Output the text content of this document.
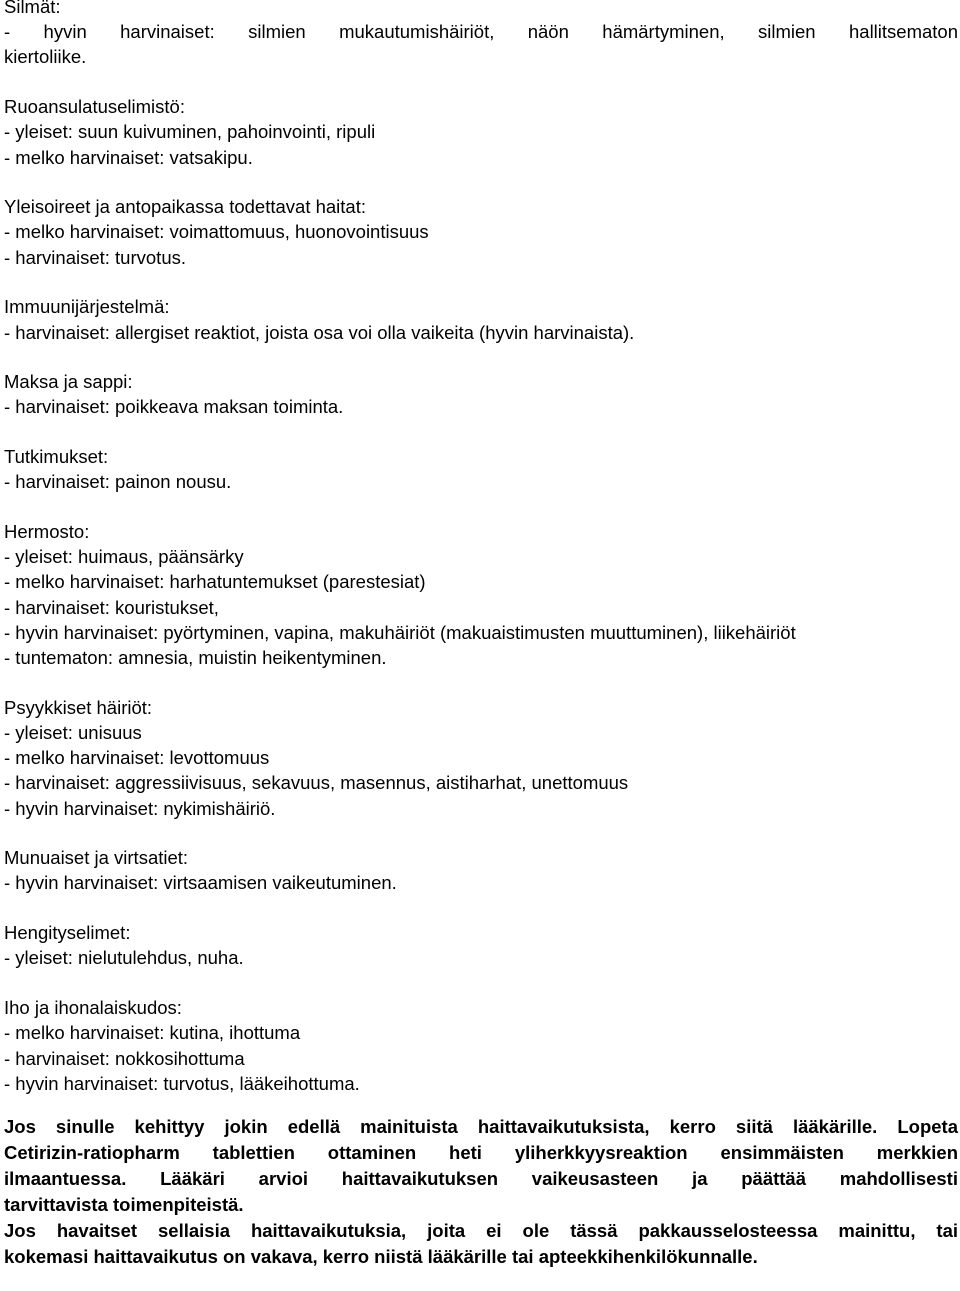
Silmät:
- hyvin harvinaiset: silmien mukautumishäiriöt, näön hämärtyminen, silmien hallitsematon
kiertoliike.
Ruoansulatuselimistö:
- yleiset: suun kuivuminen, pahoinvointi, ripuli
- melko harvinaiset: vatsakipu.
Yleisoireet ja antopaikassa todettavat haitat:
- melko harvinaiset: voimattomuus, huonovointisuus
- harvinaiset: turvotus.
Immuunijärjestelmä:
- harvinaiset: allergiset reaktiot, joista osa voi olla vaikeita (hyvin harvinaista).
Maksa ja sappi:
- harvinaiset: poikkeava maksan toiminta.
Tutkimukset:
- harvinaiset: painon nousu.
Hermosto:
- yleiset: huimaus, päänsärky
- melko harvinaiset: harhatuntemukset (parestesiat)
- harvinaiset: kouristukset,
- hyvin harvinaiset: pyörtyminen, vapina, makuhäiriöt (makuaistimusten muuttuminen), liikehäiriöt
- tuntematon: amnesia, muistin heikentyminen.
Psyykkiset häiriöt:
- yleiset: unisuus
- melko harvinaiset: levottomuus
- harvinaiset: aggressiivisuus, sekavuus, masennus, aistiharhat, unettomuus
- hyvin harvinaiset: nykimishäiriö.
Munuaiset ja virtsatiet:
- hyvin harvinaiset: virtsaamisen vaikeutuminen.
Hengityselimet:
- yleiset: nielutulehdus, nuha.
Iho ja ihonalaiskudos:
- melko harvinaiset: kutina, ihottuma
- harvinaiset: nokkosihottuma
- hyvin harvinaiset: turvotus, lääkeihottuma.
Jos sinulle kehittyy jokin edellä mainituista haittavaikutuksista, kerro siitä lääkärille. Lopeta
Cetirizin-ratiopharm tablettien ottaminen heti yliherkkyysreaktion ensimmäisten merkkien
ilmaantuessa. Lääkäri arvioi haittavaikutuksen vaikeusasteen ja päättää mahdollisesti
tarvittavista toimenpiteistä.
Jos havaitset sellaisia haittavaikutuksia, joita ei ole tässä pakkausselosteessa mainittu, tai
kokemasi haittavaikutus on vakava, kerro niistä lääkärille tai apteekkihenkilökunnalle.
